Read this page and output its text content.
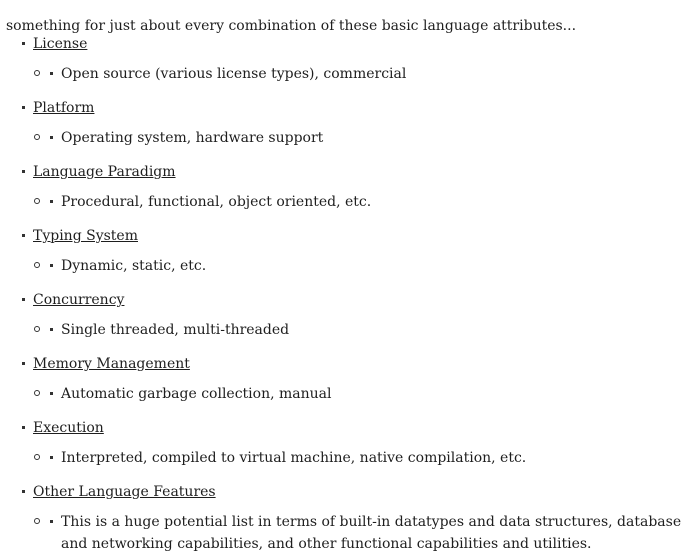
something for just about every combination of these basic language attributes...
License
Open source (various license types), commercial
Platform
Operating system, hardware support
Language Paradigm
Procedural, functional, object oriented, etc.
Typing System
Dynamic, static, etc.
Concurrency
Single threaded, multi-threaded
Memory Management
Automatic garbage collection, manual
Execution
Interpreted, compiled to virtual machine, native compilation, etc.
Other Language Features
This is a huge potential list in terms of built-in datatypes and data structures, database and networking capabilities, and other functional capabilities and utilities.
